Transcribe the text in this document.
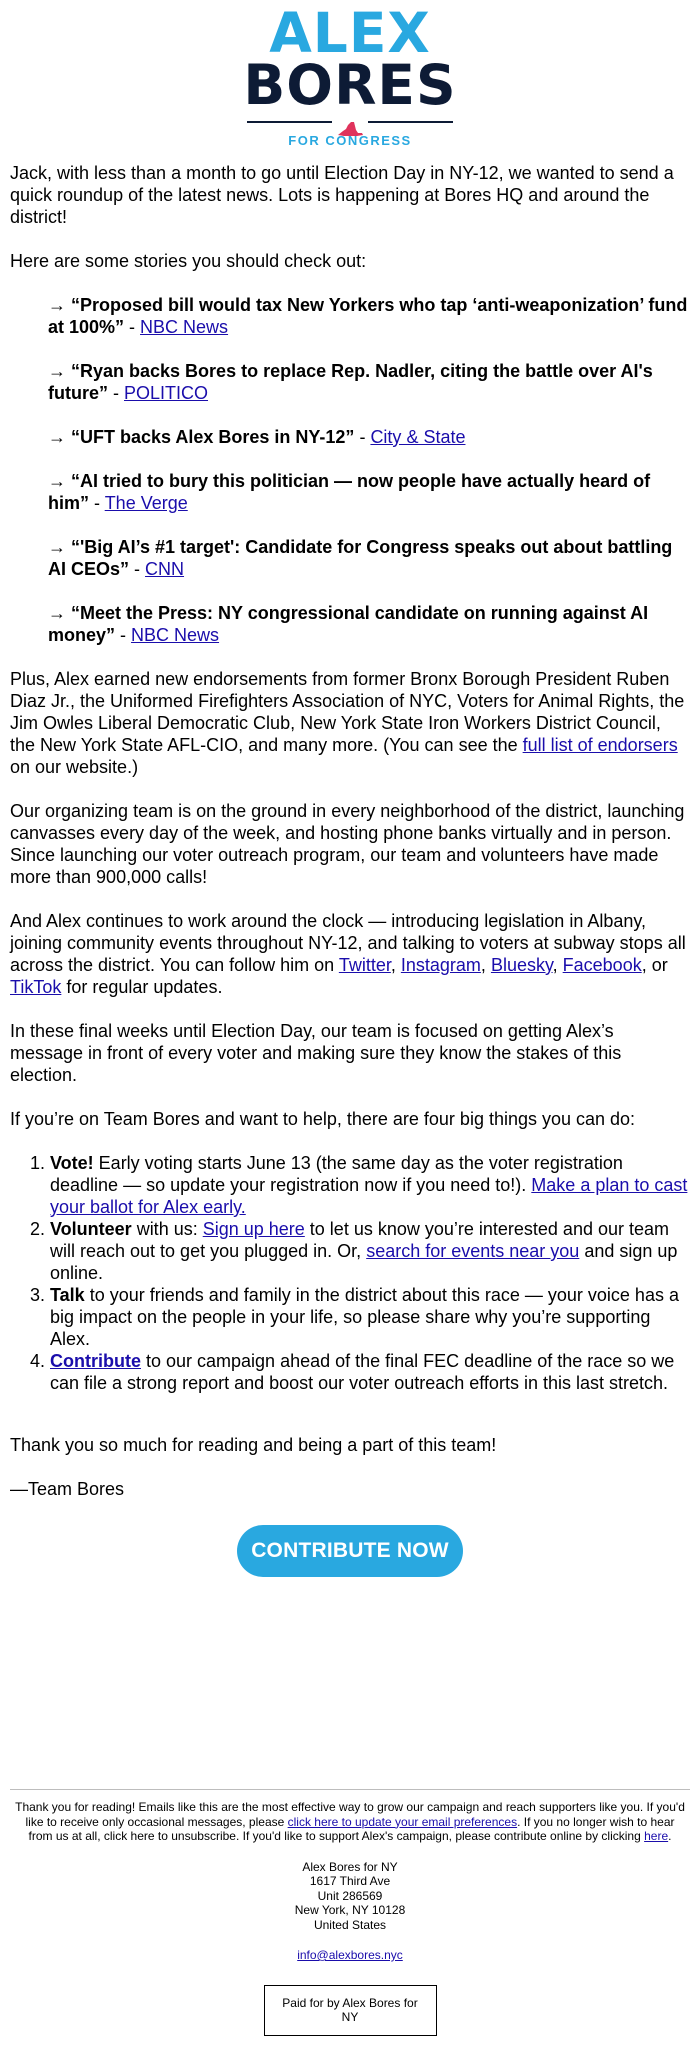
ALEX
BORES
FOR CONGRESS

Jack, with less than a month to go until Election Day in NY-12, we wanted to send a quick roundup of the latest news. Lots is happening at Bores HQ and around the district!

Here are some stories you should check out:

→ “Proposed bill would tax New Yorkers who tap ‘anti-weaponization’ fund at 100%” - NBC News
→ “Ryan backs Bores to replace Rep. Nadler, citing the battle over AI's future” - POLITICO
→ “UFT backs Alex Bores in NY-12” - City & State
→ “AI tried to bury this politician — now people have actually heard of him” - The Verge
→ “'Big AI’s #1 target': Candidate for Congress speaks out about battling AI CEOs” - CNN
→ “Meet the Press: NY congressional candidate on running against AI money” - NBC News

Plus, Alex earned new endorsements from former Bronx Borough President Ruben Diaz Jr., the Uniformed Firefighters Association of NYC, Voters for Animal Rights, the Jim Owles Liberal Democratic Club, New York State Iron Workers District Council, the New York State AFL-CIO, and many more. (You can see the full list of endorsers on our website.)

Our organizing team is on the ground in every neighborhood of the district, launching canvasses every day of the week, and hosting phone banks virtually and in person. Since launching our voter outreach program, our team and volunteers have made more than 900,000 calls!

And Alex continues to work around the clock — introducing legislation in Albany, joining community events throughout NY-12, and talking to voters at subway stops all across the district. You can follow him on Twitter, Instagram, Bluesky, Facebook, or TikTok for regular updates.

In these final weeks until Election Day, our team is focused on getting Alex’s message in front of every voter and making sure they know the stakes of this election.

If you’re on Team Bores and want to help, there are four big things you can do:

1. Vote! Early voting starts June 13 (the same day as the voter registration deadline — so update your registration now if you need to!). Make a plan to cast your ballot for Alex early.
2. Volunteer with us: Sign up here to let us know you’re interested and our team will reach out to get you plugged in. Or, search for events near you and sign up online.
3. Talk to your friends and family in the district about this race — your voice has a big impact on the people in your life, so please share why you’re supporting Alex.
4. Contribute to our campaign ahead of the final FEC deadline of the race so we can file a strong report and boost our voter outreach efforts in this last stretch.

Thank you so much for reading and being a part of this team!

—Team Bores

CONTRIBUTE NOW

Thank you for reading! Emails like this are the most effective way to grow our campaign and reach supporters like you. If you'd like to receive only occasional messages, please click here to update your email preferences. If you no longer wish to hear from us at all, click here to unsubscribe. If you'd like to support Alex's campaign, please contribute online by clicking here.

Alex Bores for NY
1617 Third Ave
Unit 286569
New York, NY 10128
United States

info@alexbores.nyc

Paid for by Alex Bores for NY
